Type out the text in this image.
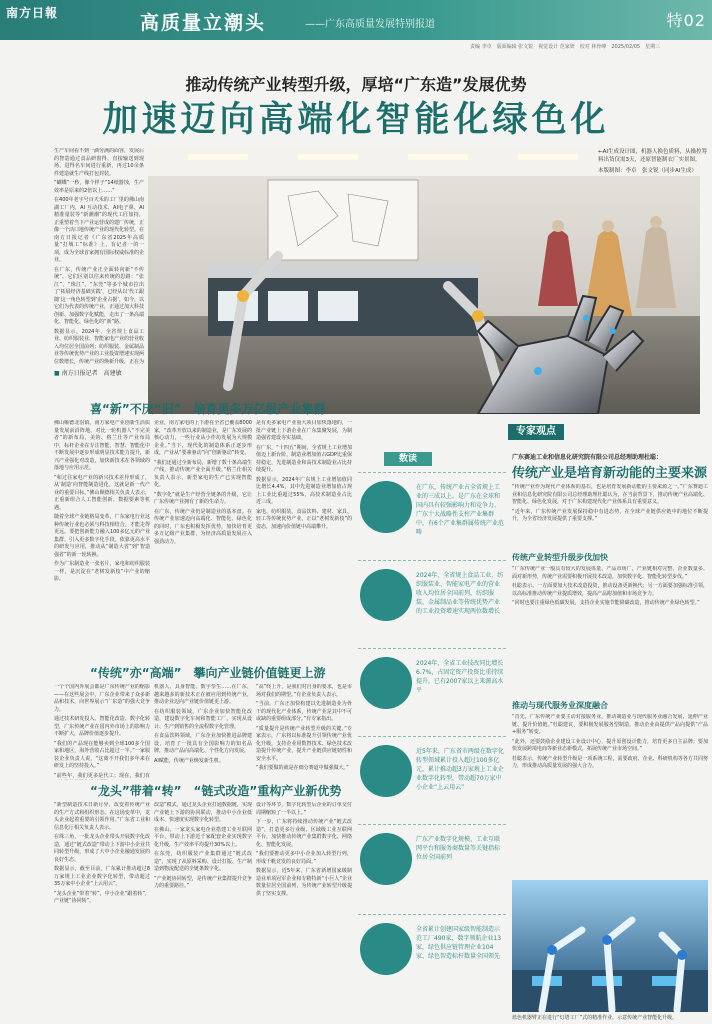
南方日報	高质量立潮头	——广东高质量发展特别报道	特02
责编 李卓　版面编辑 张文锐　视觉设计 范家妍　校对 林骨峰　2025/02/05　星期三
推动传统产业转型升级，厚培“广东造”发展优势
加速迈向高端化智能化绿色化

生产车间看不到一滴劳满的面容，发展后的智造通过食品研窗得，直接输送到现场，进得名车间进行重新，再过10余条件建造就生产线打包封装。

“蝴蝶”一秒，像个样子“14纸器蚀，生产效率是原来的2倍以上……”

在400年老字号百天禾的工厂里的佛山南湖工厂内，AI 互动技术、AI电子鼻、AI精准量装等“新潮潮”的现代工匠加持，正重塑着当下产业运营成的建厂传统，正像一个活口地传统产业的现代化转型。在南方日报记者《广东省2025年高质量“打城工”标准》上，有记者一的一项，成为全球首家拥有国际权威标准的企业。

在广东，传统产业正全面转向新“不传统”。它们区别以往来传统的思路：“张江”、“珠江”、“东莞”等多个城市拉出了‘拓展经济基础实践’，已经从以‘代工跟随’这一角色转型到‘企业占据’，如今，以它们为代表的传统产业，正通过加大科技创新、加强数字化赋能，走出了一条高端化、智能化、绿色化的“新”路。

数据显示，2024年，全省规上食品工业、纺织服装业、智能家电产业的营业收入均位居全国前列；纺织服装、金属制品业等传统优势产业的工业投资增速实现两位数增长，传统产业的焕新升级，正在为

■ 南方日报记者　高建敏
←AI生成设计图，机器人换色质料，从操控筹料出货仅需3天，还原智能制衣厂实景图。
本版制图：李卓　张文锐（同步AI生成）
喜“新”不厌“旧”　培育更多万亿级产业集群

佛山顺德北滘镇，南方家电产业创新生活质量发展前沿阵地。对比一轮机器人“不完美者”的新布局，美的、格兰仕等产业布局中，标杆企业在专注智能、智慧、智能化中不断发展中逐步形成明显技术能力提升，新兴产业强化对改造，加快新技术在各领域的落地与应用示范。

“和过往家电产业的新兴技术差异形成了，从‘制造’向智能制造进化，这就是新一代产业的重要目标。”佛山顺德相关负责人表示，正重新组合人工智能创新、数据要素等机遇。

随着全球产业链格局变革，广东家电行业这种传统行业也必须与科技相结合，才能走得更远。要把创新能力融入100多亿元的产业集群，引入更多数字化手段。依靠更高水平的研发与应用，推动从“制造大省”到“智造强省”的新一轮转换。

作为广东制造业一张名片，家电和纺织服装一样，是沉淀在“老树发新枝”中产业的缩影。

企业，南方家电的上下游在全省已覆盖8000家，“改革开放以来的制造业，是广东发展的核心动力，一些行业从小作坊发展为大规模企业。”当下，现代化的制造体系正逐步形成，产业从“要素驱动”向“创新驱动”转变。

“我们还通过全新布局，新增了数十条高端生产线，推动传统产业全面升级。”格兰仕相关负责人表示，新型家电的生产已实现智能化。

“数字化”就是生产经营全链条的升级，它让广东传统产业拥有了新的生命力。

在广东，传统产业仍是制造业的基本盘。在传统产业加速迈向高端化、智能化、绿色化的同时，广东也积极发挥优势，加快培育更多万亿级产业集群，为经济高质量发展注入强劲动力。

是有更多家电产业重大项目加快落地的，一批产业链上下游企业在广东集聚发展，为制造强省建设夯实基础。

在广东，“十四五”期间，全省规上工业增加值迈上新台阶，制造业增加值占GDP比重保持稳定，先进制造业和高技术制造业占比持续提升。

数据显示，2024年广东规上工业增加值同比增长4.4%，其中先进制造业增加值占规上工业比重超过55%，高技术制造业占比近三成。

家电、纺织服装、食品饮料、建材、家具、轻工等传统优势产业，正以“老树发新枝”的姿态，加速向价值链中高端攀升。

“传统”亦“高端”　攀向产业链价值链更上游

一个个国内外展会都是广东传统产业的缩影——在这些展会中，广东企业带来了众多新品和技术，向世界展示“广东造”的强大竞争力。

通过技术研发投入、智能化改造、数字化转型，广东传统产业在国内外市场上的影响力不断扩大，品牌价值逐步提升。

“我们的产品现在能够卖到全球100多个国家和地区，海外营收占比超过一半。”一家服装企业负责人说，“这离不开我们多年来在研发上的坚持投入。”

“前些年，我们更多是代工；现在，我们有

机器人、具身智能、数字孪生……在广东，越来越多的新技术正在被应用到传统产业，推动企业迈向产业链价值链更上游。

在纺织服装领域，广东企业加快智能化改造，建设数字化车间和智能工厂，实现从设计、生产到销售的全流程数字化管理。

在食品饮料领域，广东企业加快推进品牌建设，培育了一批具有全国影响力的知名品牌，推动产品向高端化、个性化方向发展。

AI赋能，传统产业焕发新生机。

“高”终上升，是我们对自身的要求，也是市场对我们的期望。”有企业负责人表示。

“当前，广东正加快构建以先进制造业为骨干的现代化产业体系，传统产业是其中不可或缺的重要组成部分。”有专家指出。

“质量提升是传统产业转型升级的关键。”专家表示，广东将以标准提升引领传统产业优化升级，支持企业用数智技术、绿色技术改造提升传统产业，提升产业链供应链韧性和安全水平。

“我们要做的就是在细分赛道中做强做大。”

“龙头”带着“转”　“链式改造”重构产业新优势

“新型制造技术日新月异，改变着传统产业的生产方式和组织形态。在这场变革中，龙头企业起着重要的引领作用。”广东省工业和信息化厅相关负责人表示。

在珠三角，一批龙头企业带头开展数字化改造，通过“链式改造”带动上下游中小企业共同转型升级，形成了大中小企业融通发展的良好生态。

数据显示，截至目前，广东累计推动超过8万家规上工业企业数字化转型，带动超过35万家中小企业“上云用云”。

“龙头企业”带着“转”，中小企业“跟着转”，产业链“协同转”。

改造”模式，通过龙头企业打通数据链，实现产业链上下游的协同联动，推动中小企业低成本、快速度实现数字化转型。

在佛山，一家龙头家电企业搭建工业互联网平台，带动上下游近千家配套企业实现数字化升级，生产效率平均提升30%以上。

在东莞，纺织服装产业集群通过“链式改造”，实现了从原料采购、设计打版、生产制造到物流配送的全链条数字化。

“产业链协同转型，是传统产业集群提升竞争力的重要路径。”

设计等环节，数字化转型后企业的订单交付周期缩短了一半以上。”

下一步，广东将持续推动传统产业“链式改造”，打造更多行业级、区域级工业互联网平台，加快推动传统产业集群数字化、网络化、智能化发展。

“我们要推动更多中小企业加入转型行列，形成千帆竞发的良好局面。”

数据显示，近5年来，广东省新增国家级制造业单项冠军企业和专精特新“小巨人”企业数量位居全国前列，为传统产业转型升级提供了坚实支撑。

数读
在广东，传统产业占全省规上工业的三成以上。是广东在全球和国内具有较强影响力和竞争力，广东十大战略性支柱产业集群中，有6个产业集群属传统产业范畴
2024年，全省规上食品工业、纺织服装业、智能家电产业的营业收入均位居全国前列，纺织服装、金属制品业等传统优势产业的工业投资增速实现两位数增长
2024年，全省工业技改同比增长6.7%，占固定资产投资比重持续提升，已有2007家以上来源高水平
近5年来，广东省市两级在数字化转型领域累计投入超过100多亿元，累计推动超3万家规上工业企业数字化转型，带动超70万家中小企业“上云用云”
广东产业数字化规模、工业互联网平台和服务商数量等关键指标位居全国前列
全省累计创建国家级智能制造示范工厂490家，数字领航企业13家，绿色供应链管理企业104家、绿色智造标杆数量全国领先
专家观点
广东赛迪工业和信息化研究院有限公司总经理助理杜聪：
传统产业是培育新动能的主要来源

“传统产业作为现代产业体系的基石，也是培育发展新动能的主要来源之一。”广东赛迪工业和信息化研究院有限公司总经理助理杜聪认为，在当前背景下，推动传统产业高端化、智能化、绿色化发展，对于广东构建现代化产业体系具有重要意义。

“近年来，广东传统产业发展保持稳中有进态势，在全球产业链供应链中的地位不断提升，为全省经济发展提供了重要支撑。”

传统产业转型升级步伐加快

“广东传统产业一般具有较大的发展体量、产品市场广，产业链相对完整，企业数量多。面对新形势，传统产业需要积极开展技术改造，加快数字化、智能化转型步伐。”

杜聪表示，一方面要加大技术改造投资，推动设备更新换代；另一方面要加强标准引领，以高标准推动传统产业提质增效，提高产品附加值和市场竞争力。

“同时也要注重绿色低碳发展，支持企业实施节能降碳改造，推动传统产业绿色转型。”

推动与现代服务业深度融合

“首先，广东传统产业要主动对接服务业，推动制造业与现代服务业融合发展，延伸产业链、提升价值链。”杜聪建议，要积极发展服务型制造，推动企业由提供产品向提供“产品+服务”转变。

“此外，还要鼓励企业建设工业设计中心，提升原创设计能力，培育更多自主品牌；要加快发展跨境电商等新业态新模式，拓展传统产业市场空间。”

杜聪表示，传统产业转型升级是一项系统工程，需要政府、企业、科研机构等各方共同努力，形成推动高质量发展的强大合力。

蓝色机器臂正在进行“灯塔工厂”式的精准作业，示意传统产业智能化升级。
